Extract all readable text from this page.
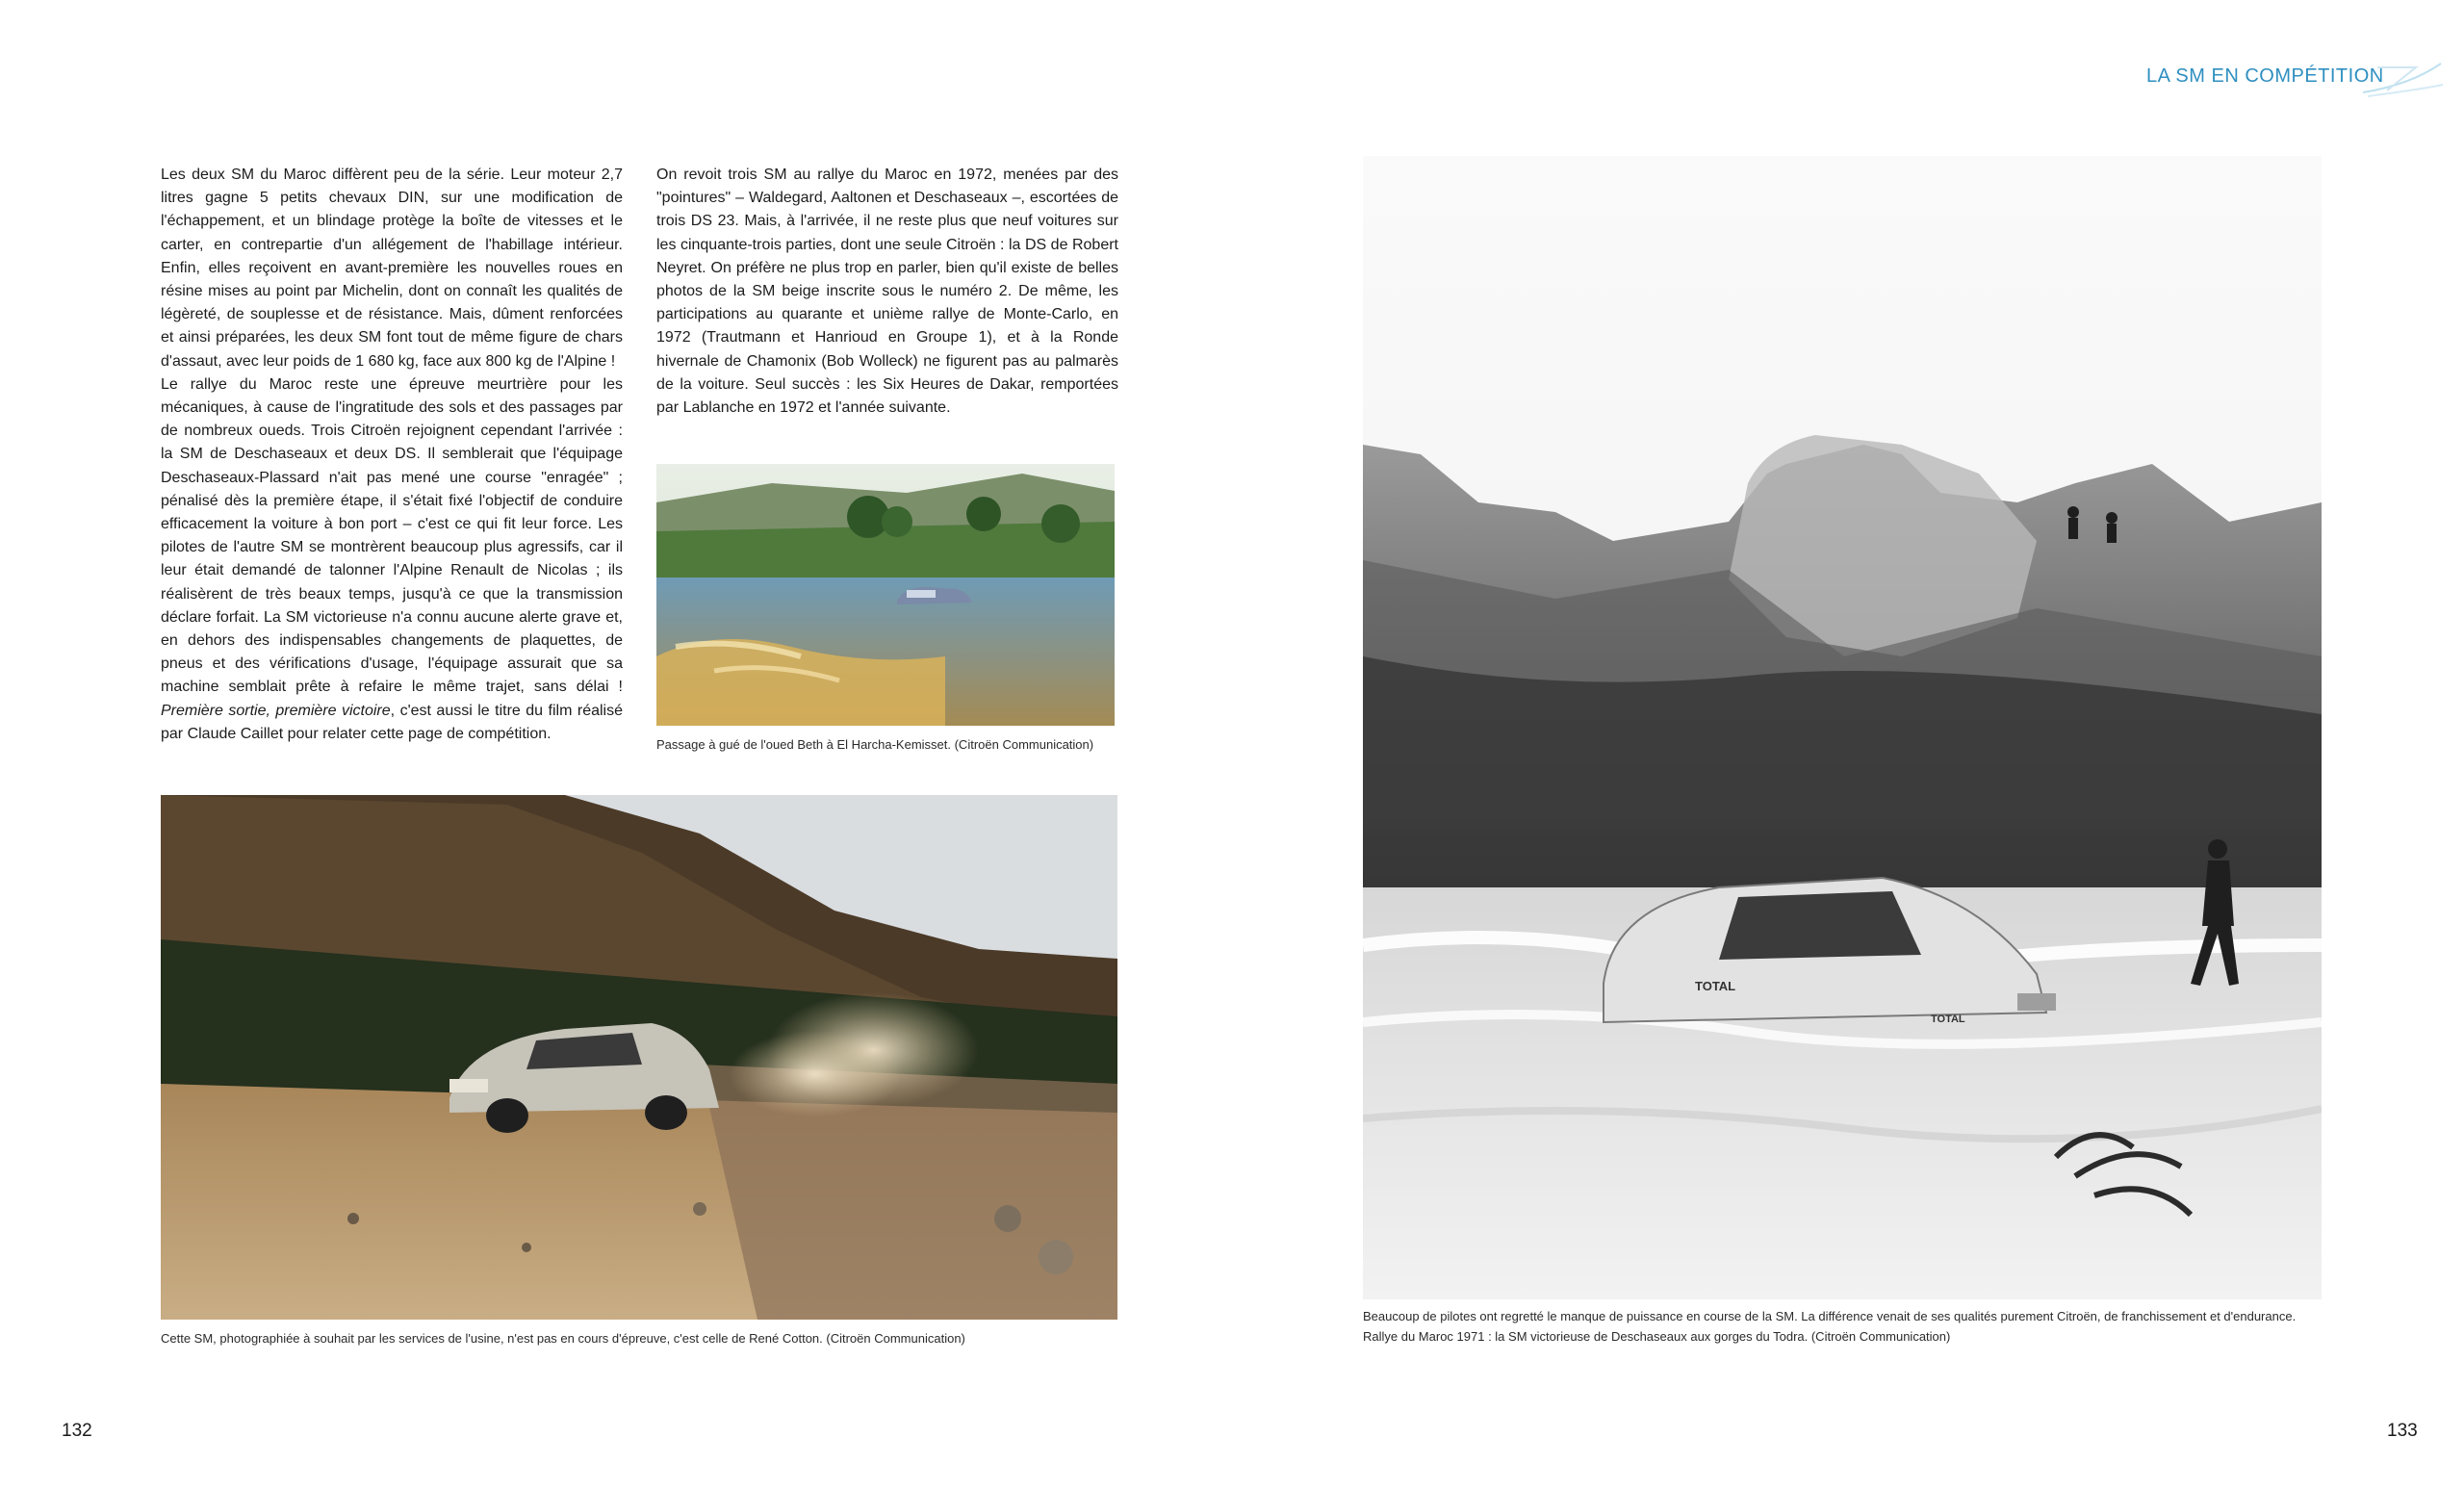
LA SM EN COMPÉTITION

Les deux SM du Maroc diffèrent peu de la série. Leur moteur 2,7 litres gagne 5 petits chevaux DIN, sur une modification de l'échappement, et un blindage protège la boîte de vitesses et le carter, en contrepartie d'un allégement de l'habillage intérieur. Enfin, elles reçoivent en avant-première les nouvelles roues en résine mises au point par Michelin, dont on connaît les qualités de légèreté, de souplesse et de résistance. Mais, dûment renforcées et ainsi préparées, les deux SM font tout de même figure de chars d'assaut, avec leur poids de 1 680 kg, face aux 800 kg de l'Alpine !

Le rallye du Maroc reste une épreuve meurtrière pour les mécaniques, à cause de l'ingratitude des sols et des passages par de nombreux oueds. Trois Citroën rejoignent cependant l'arrivée : la SM de Deschaseaux et deux DS. Il semblerait que l'équipage Deschaseaux-Plassard n'ait pas mené une course "enragée" ; pénalisé dès la première étape, il s'était fixé l'objectif de conduire efficacement la voiture à bon port – c'est ce qui fit leur force. Les pilotes de l'autre SM se montrèrent beaucoup plus agressifs, car il leur était demandé de talonner l'Alpine Renault de Nicolas ; ils réalisèrent de très beaux temps, jusqu'à ce que la transmission déclare forfait. La SM victorieuse n'a connu aucune alerte grave et, en dehors des indispensables changements de plaquettes, de pneus et des vérifications d'usage, l'équipage assurait que sa machine semblait prête à refaire le même trajet, sans délai ! Première sortie, première victoire, c'est aussi le titre du film réalisé par Claude Caillet pour relater cette page de compétition.

On revoit trois SM au rallye du Maroc en 1972, menées par des "pointures" – Waldegard, Aaltonen et Deschaseaux –, escortées de trois DS 23. Mais, à l'arrivée, il ne reste plus que neuf voitures sur les cinquante-trois parties, dont une seule Citroën : la DS de Robert Neyret. On préfère ne plus trop en parler, bien qu'il existe de belles photos de la SM beige inscrite sous le numéro 2. De même, les participations au quarante et unième rallye de Monte-Carlo, en 1972 (Trautmann et Hanrioud en Groupe 1), et à la Ronde hivernale de Chamonix (Bob Wolleck) ne figurent pas au palmarès de la voiture. Seul succès : les Six Heures de Dakar, remportées par Lablanche en 1972 et l'année suivante.

Passage à gué de l'oued Beth à El Harcha-Kemisset. (Citroën Communication)
Cette SM, photographiée à souhait par les services de l'usine, n'est pas en cours d'épreuve, c'est celle de René Cotton. (Citroën Communication)
TOTAL
TOTAL
Beaucoup de pilotes ont regretté le manque de puissance en course de la SM. La différence venait de ses qualités purement Citroën, de franchissement et d'endurance. Rallye du Maroc 1971 : la SM victorieuse de Deschaseaux aux gorges du Todra. (Citroën Communication)
132	133
